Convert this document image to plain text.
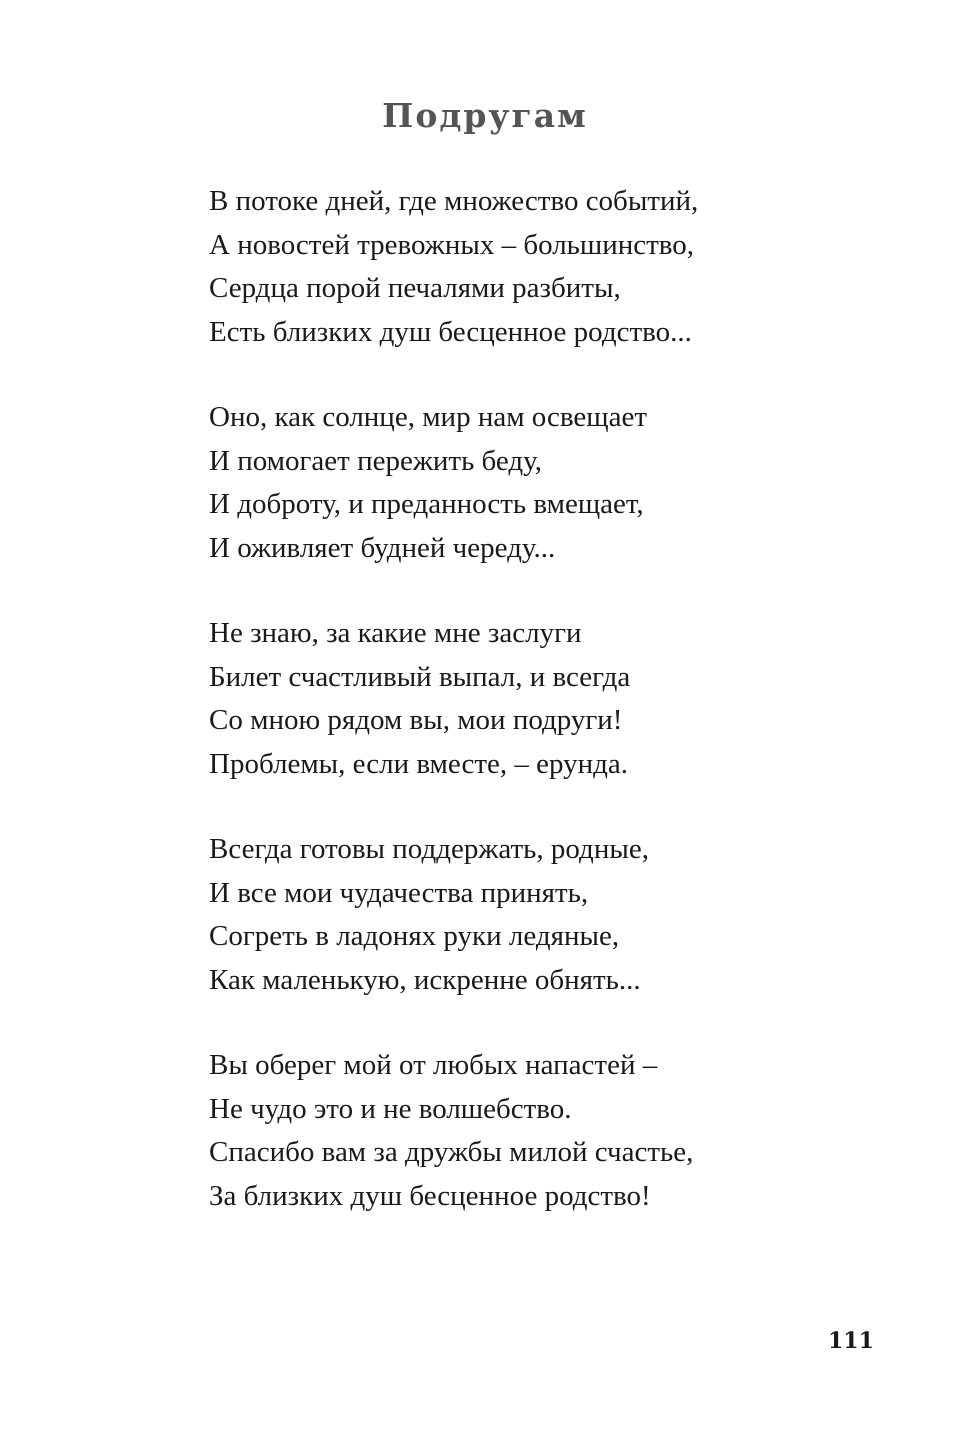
Подругам
В потоке дней, где множество событий,
А новостей тревожных – большинство,
Сердца порой печалями разбиты,
Есть близких душ бесценное родство...
Оно, как солнце, мир нам освещает
И помогает пережить беду,
И доброту, и преданность вмещает,
И оживляет будней череду...
Не знаю, за какие мне заслуги
Билет счастливый выпал, и всегда
Со мною рядом вы, мои подруги!
Проблемы, если вместе, – ерунда.
Всегда готовы поддержать, родные,
И все мои чудачества принять,
Согреть в ладонях руки ледяные,
Как маленькую, искренне обнять...
Вы оберег мой от любых напастей –
Не чудо это и не волшебство.
Спасибо вам за дружбы милой счастье,
За близких душ бесценное родство!
111
